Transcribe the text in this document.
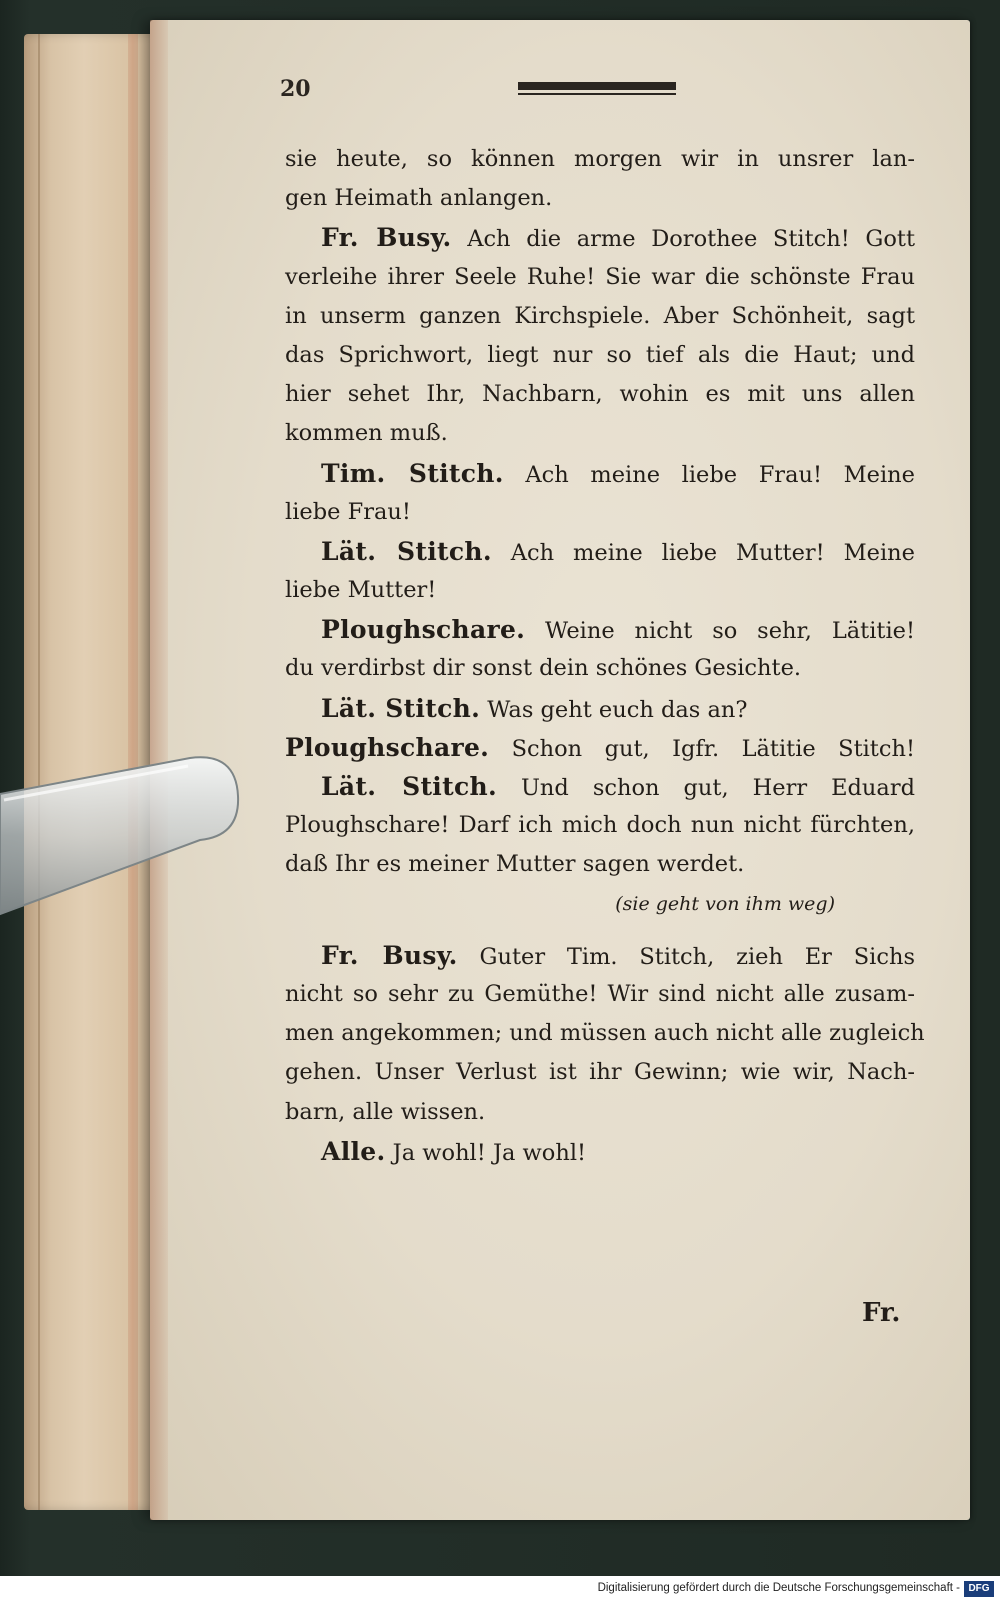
20
sie heute, so können morgen wir in unsrer lan-
gen Heimath anlangen.
Fr. Busy. Ach die arme Dorothee Stitch! Gott
verleihe ihrer Seele Ruhe! Sie war die schönste Frau
in unserm ganzen Kirchspiele. Aber Schönheit, sagt
das Sprichwort, liegt nur so tief als die Haut; und
hier sehet Ihr, Nachbarn, wohin es mit uns allen
kommen muß.
Tim. Stitch. Ach meine liebe Frau! Meine
liebe Frau!
Lät. Stitch. Ach meine liebe Mutter! Meine
liebe Mutter!
Ploughschare. Weine nicht so sehr, Lätitie!
du verdirbst dir sonst dein schönes Gesichte.
Lät. Stitch. Was geht euch das an?
Ploughschare. Schon gut, Igfr. Lätitie Stitch!
Lät. Stitch. Und schon gut, Herr Eduard
Ploughschare! Darf ich mich doch nun nicht fürchten,
daß Ihr es meiner Mutter sagen werdet.
(sie geht von ihm weg)
Fr. Busy. Guter Tim. Stitch, zieh Er Sichs
nicht so sehr zu Gemüthe! Wir sind nicht alle zusam-
men angekommen; und müssen auch nicht alle zugleich
gehen. Unser Verlust ist ihr Gewinn; wie wir, Nach-
barn, alle wissen.
Alle. Ja wohl! Ja wohl!
Fr.
Digitalisierung gefördert durch die Deutsche Forschungsgemeinschaft - DFG
